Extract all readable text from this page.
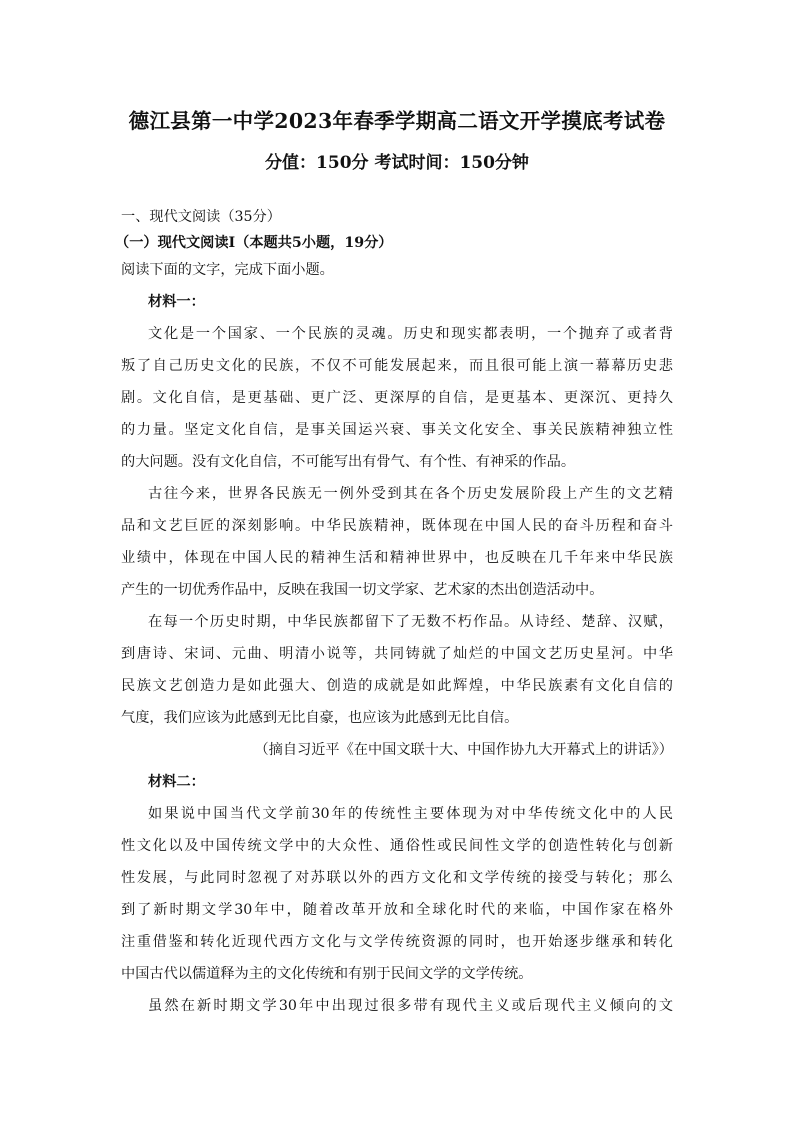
德江县第一中学2023年春季学期高二语文开学摸底考试卷
分值：150分 考试时间：150分钟
一、现代文阅读（35分）
（一）现代文阅读Ⅰ（本题共5小题，19分）
阅读下面的文字，完成下面小题。
材料一：
文化是一个国家、一个民族的灵魂。历史和现实都表明，一个抛弃了或者背
叛了自己历史文化的民族，不仅不可能发展起来，而且很可能上演一幕幕历史悲
剧。文化自信，是更基础、更广泛、更深厚的自信，是更基本、更深沉、更持久
的力量。坚定文化自信，是事关国运兴衰、事关文化安全、事关民族精神独立性
的大问题。没有文化自信，不可能写出有骨气、有个性、有神采的作品。
古往今来，世界各民族无一例外受到其在各个历史发展阶段上产生的文艺精
品和文艺巨匠的深刻影响。中华民族精神，既体现在中国人民的奋斗历程和奋斗
业绩中，体现在中国人民的精神生活和精神世界中，也反映在几千年来中华民族
产生的一切优秀作品中，反映在我国一切文学家、艺术家的杰出创造活动中。
在每一个历史时期，中华民族都留下了无数不朽作品。从诗经、楚辞、汉赋，
到唐诗、宋词、元曲、明清小说等，共同铸就了灿烂的中国文艺历史星河。中华
民族文艺创造力是如此强大、创造的成就是如此辉煌，中华民族素有文化自信的
气度，我们应该为此感到无比自豪，也应该为此感到无比自信。
（摘自习近平《在中国文联十大、中国作协九大开幕式上的讲话》）
材料二：
如果说中国当代文学前30年的传统性主要体现为对中华传统文化中的人民
性文化以及中国传统文学中的大众性、通俗性或民间性文学的创造性转化与创新
性发展，与此同时忽视了对苏联以外的西方文化和文学传统的接受与转化；那么
到了新时期文学30年中，随着改革开放和全球化时代的来临，中国作家在格外
注重借鉴和转化近现代西方文化与文学传统资源的同时，也开始逐步继承和转化
中国古代以儒道释为主的文化传统和有别于民间文学的文学传统。
虽然在新时期文学30年中出现过很多带有现代主义或后现代主义倾向的文
